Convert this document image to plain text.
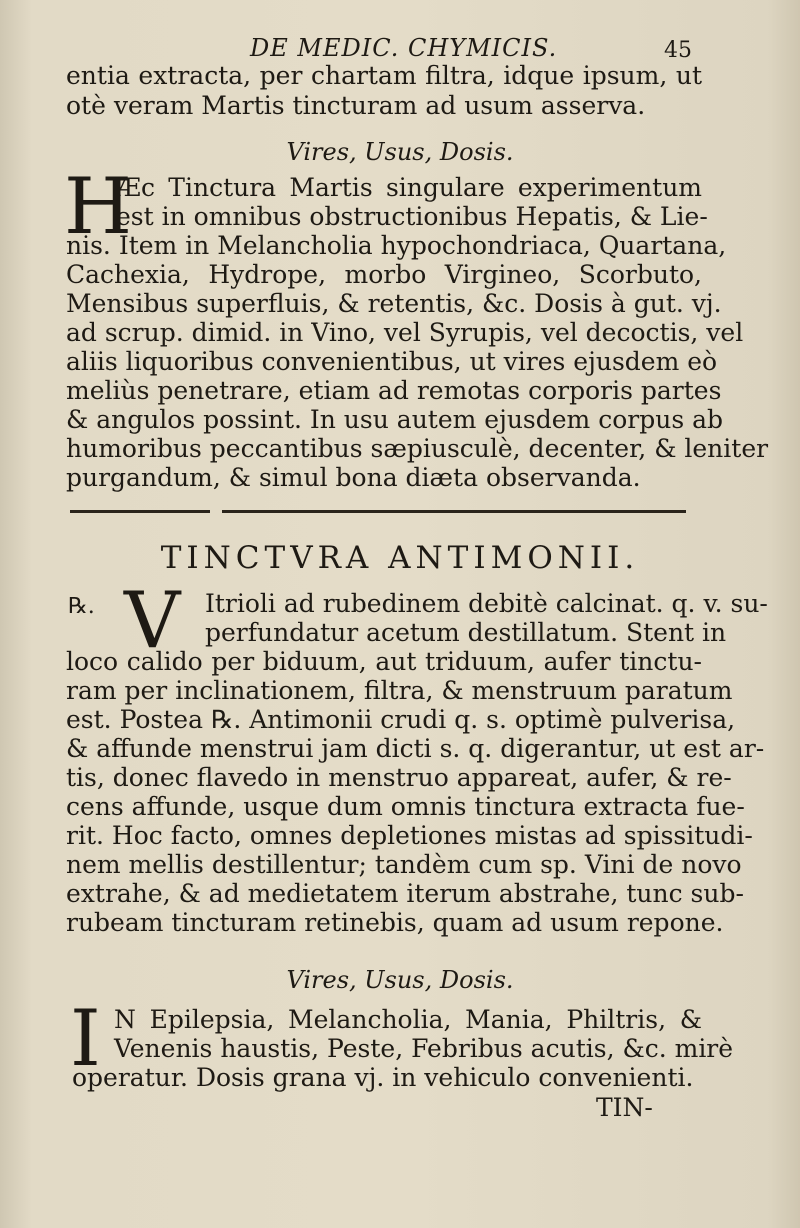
DE MEDIC. CHYMICIS.	45
entia extracta, per chartam filtra, idque ipsum, ut
otè veram Martis tincturam ad usum asserva.
Vires, Usus, Dosis.
H
Æc Tinctura Martis singulare experimentum
est in omnibus obstructionibus Hepatis, & Lie-
nis. Item in Melancholia hypochondriaca, Quartana,
Cachexia, Hydrope, morbo Virgineo, Scorbuto,
Mensibus superfluis, & retentis, &c. Dosis à gut. vj.
ad scrup. dimid. in Vino, vel Syrupis, vel decoctis, vel
aliis liquoribus convenientibus, ut vires ejusdem eò
meliùs penetrare, etiam ad remotas corporis partes
& angulos possint. In usu autem ejusdem corpus ab
humoribus peccantibus sæpiusculè, decenter, & leniter
purgandum, & simul bona diæta observanda.
TINCTVRA ANTIMONII.
℞. V Itrioli ad rubedinem debitè calcinat. q. v. su-
perfundatur acetum destillatum. Stent in
loco calido per biduum, aut triduum, aufer tinctu-
ram per inclinationem, filtra, & menstruum paratum
est. Postea ℞. Antimonii crudi q. s. optimè pulverisa,
& affunde menstrui jam dicti s. q. digerantur, ut est ar-
tis, donec flavedo in menstruo appareat, aufer, & re-
cens affunde, usque dum omnis tinctura extracta fue-
rit. Hoc facto, omnes depletiones mistas ad spissitudi-
nem mellis destillentur; tandèm cum sp. Vini de novo
extrahe, & ad medietatem iterum abstrahe, tunc sub-
rubeam tincturam retinebis, quam ad usum repone.
Vires, Usus, Dosis.
I N Epilepsia, Melancholia, Mania, Philtris, &
Venenis haustis, Peste, Febribus acutis, &c. mirè
operatur. Dosis grana vj. in vehiculo convenienti.
TIN-
